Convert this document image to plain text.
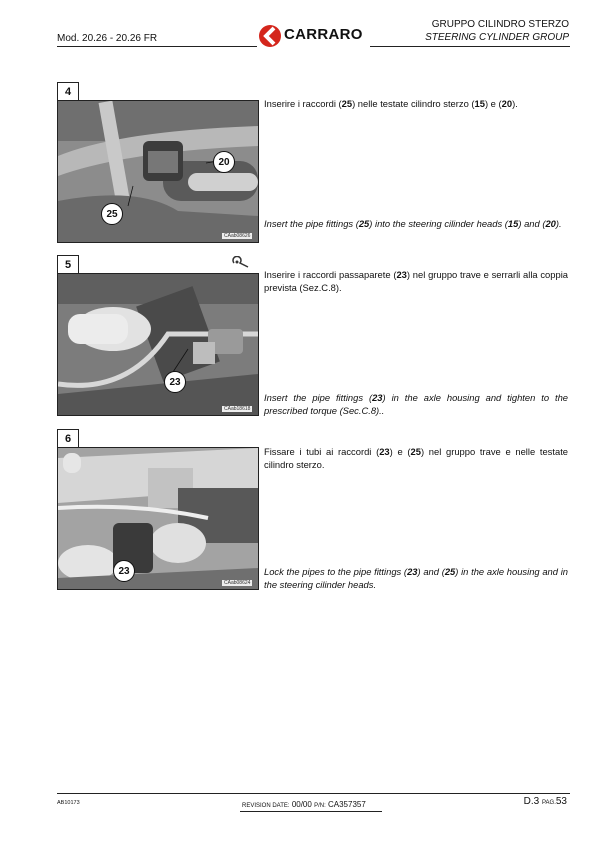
Mod. 20.26 - 20.26 FR	CARRARO
GRUPPO CILINDRO STERZO
STEERING CYLINDER GROUP
4
20
25
CAab08626
Inserire i raccordi (25) nelle testate cilindro sterzo (15) e (20).
Insert the pipe fittings (25) into the steering cilinder heads (15) and (20).
5
23
CAab18618
Inserire i raccordi passaparete (23) nel gruppo trave e serrarli alla coppia prevista (Sez.C.8).
Insert the pipe fittings (23) in the axle housing and tighten to the prescribed torque (Sec.C.8)..
6
23
CAab08624
Fissare i tubi ai raccordi (23) e (25) nel gruppo trave e nelle testate cilindro sterzo.
Lock the pipes to the pipe fittings (23) and (25) in the axle housing and in the steering cilinder heads.
AB10173	REVISION DATE: 00/00 P/N: CA357357	D.3 PAG.53
